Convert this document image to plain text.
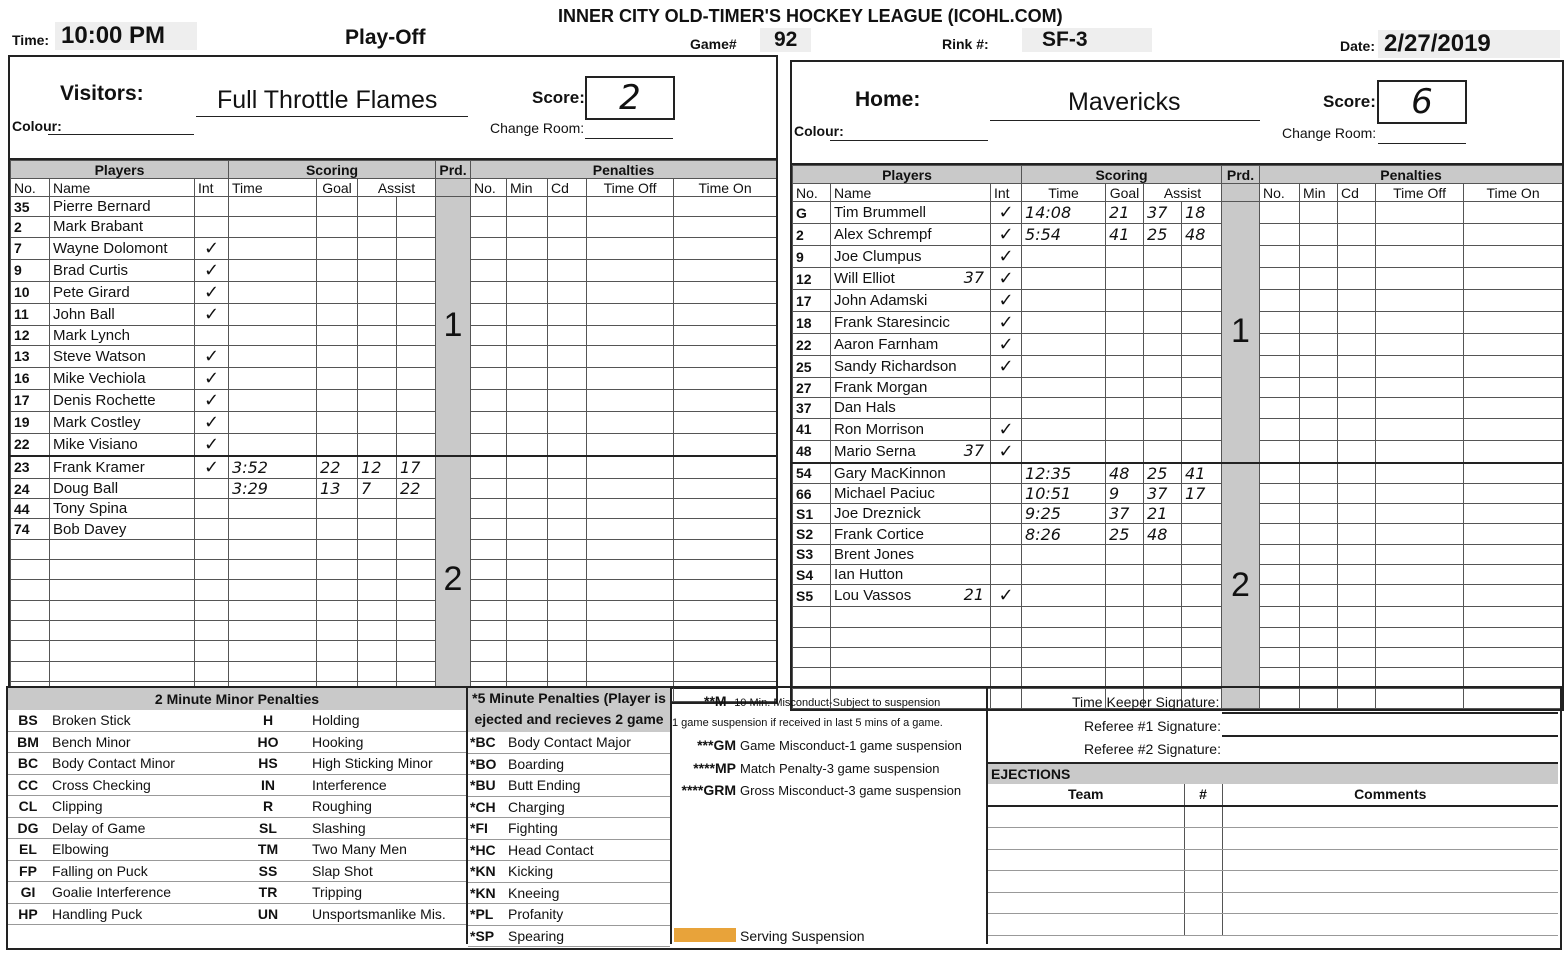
INNER CITY OLD-TIMER'S HOCKEY LEAGUE (ICOHL.COM)
Time: 10:00 PM	Play-Off	Game#	92	Rink #:	SF-3	Date: 2/27/2019
Visitors:	Full Throttle Flames	Score:	2
Colour:	Change Room:
Players			Scoring				Prd.	Penalties				
No.	Name	Int	Time	Goal	Assist			No.	Min	Cd	Time Off	Time On
35	Pierre Bernard						1					
2	Mark Brabant											
7	Wayne Dolomont	✓										
9	Brad Curtis	✓										
10	Pete Girard	✓										
11	John Ball	✓										
12	Mark Lynch											
13	Steve Watson	✓										
16	Mike Vechiola	✓										
17	Denis Rochette	✓										
19	Mark Costley	✓										
22	Mike Visiano	✓										
23	Frank Kramer	✓	3:52	22	12	17	2					
24	Doug Ball		3:29	13	7	22						
44	Tony Spina											
74	Bob Davey											

Home:	Mavericks	Score:	6
Colour:	Change Room:
Players			Scoring				Prd.	Penalties				
No.	Name	Int	Time	Goal	Assist			No.	Min	Cd	Time Off	Time On
G	Tim Brummell	✓	14:08	21	37	18	1					
2	Alex Schrempf	✓	5:54	41	25	48						
9	Joe Clumpus	✓										
12	Will Elliot 37	✓										
17	John Adamski	✓										
18	Frank Staresincic	✓										
22	Aaron Farnham	✓										
25	Sandy Richardson	✓										
27	Frank Morgan											
37	Dan Hals											
41	Ron Morrison	✓										
48	Mario Serna 37	✓										
54	Gary MacKinnon		12:35	48	25	41	2					
66	Michael Paciuc		10:51	9	37	17						
S1	Joe Dreznick		9:25	37	21							
S2	Frank Cortice		8:26	25	48							
S3	Brent Jones											
S4	Ian Hutton											
S5	Lou Vassos 21	✓										

2 Minute Minor Penalties
BS	Broken Stick	H	Holding
BM	Bench Minor	HO	Hooking
BC	Body Contact Minor	HS	High Sticking Minor
CC	Cross Checking	IN	Interference
CL	Clipping	R	Roughing
DG	Delay of Game	SL	Slashing
EL	Elbowing	TM	Two Many Men
FP	Falling on Puck	SS	Slap Shot
GI	Goalie Interference	TR	Tripping
HP	Handling Puck	UN	Unsportsmanlike Mis.
*5 Minute Penalties (Player is
ejected and recieves 2 game
*BC	Body Contact Major
*BO	Boarding
*BU	Butt Ending
*CH	Charging
*FI	Fighting
*HC	Head Contact
*KN	Kicking
*KN	Kneeing
*PL	Profanity
*SP	Spearing
**M 10 Min. Misconduct-Subject to suspension
1 game suspension if received in last 5 mins of a game.
***GM Game Misconduct-1 game suspension
****MP Match Penalty-3 game suspension
****GRM Gross Misconduct-3 game suspension
Serving Suspension
Time Keeper Signature:
Referee #1 Signature:
Referee #2 Signature:
EJECTIONS
Team	#	Comments
